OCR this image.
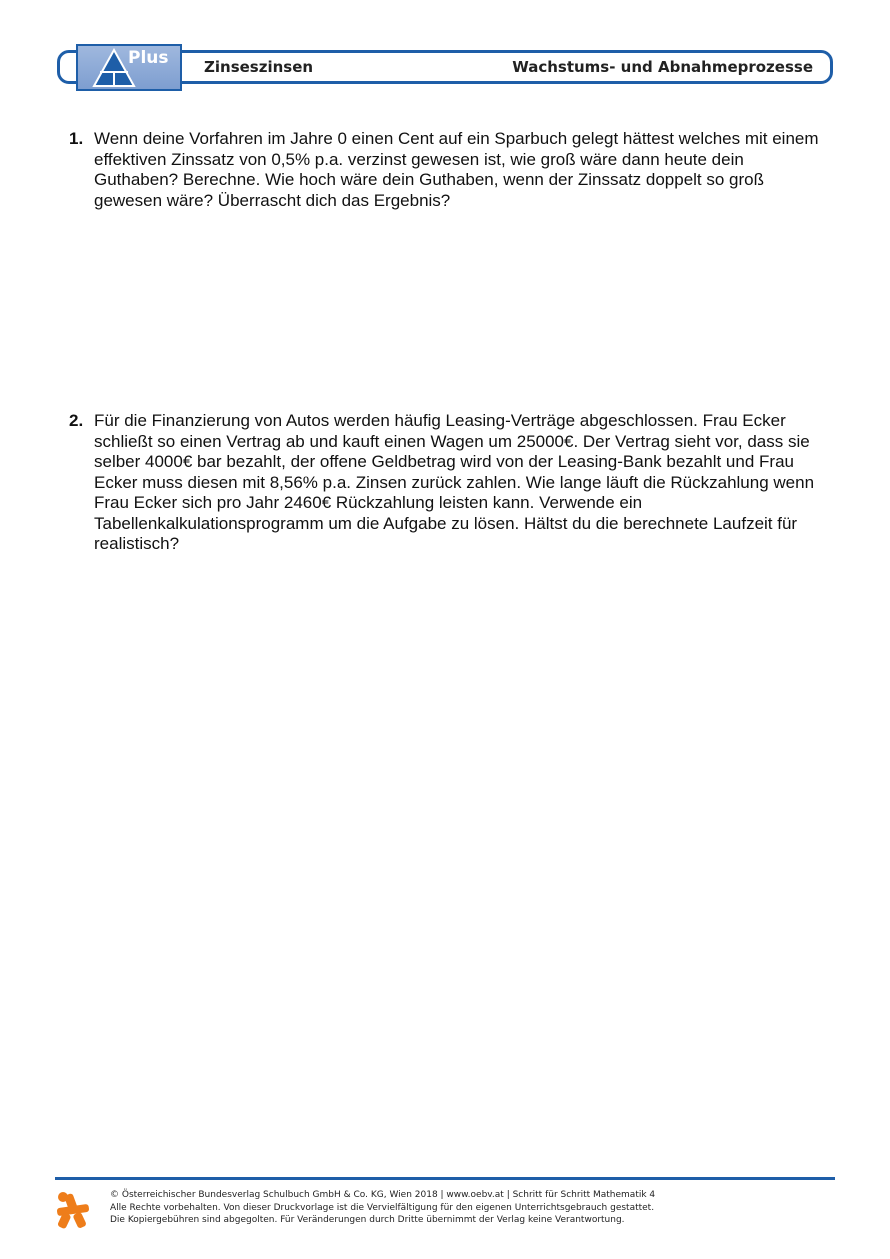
Plus Zinseszinsen	Wachstums- und Abnahmeprozesse
1. Wenn deine Vorfahren im Jahre 0 einen Cent auf ein Sparbuch gelegt hättest welches mit einem effektiven Zinssatz von 0,5% p.a. verzinst gewesen ist, wie groß wäre dann heute dein Guthaben? Berechne. Wie hoch wäre dein Guthaben, wenn der Zinssatz doppelt so groß gewesen wäre? Überrascht dich das Ergebnis?
2. Für die Finanzierung von Autos werden häufig Leasing-Verträge abgeschlossen. Frau Ecker schließt so einen Vertrag ab und kauft einen Wagen um 25000€. Der Vertrag sieht vor, dass sie selber 4000€ bar bezahlt, der offene Geldbetrag wird von der Leasing-Bank bezahlt und Frau Ecker muss diesen mit 8,56% p.a. Zinsen zurück zahlen. Wie lange läuft die Rückzahlung wenn Frau Ecker sich pro Jahr 2460€ Rückzahlung leisten kann. Verwende ein Tabellenkalkulationsprogramm um die Aufgabe zu lösen. Hältst du die berechnete Laufzeit für realistisch?
© Österreichischer Bundesverlag Schulbuch GmbH & Co. KG, Wien 2018 | www.oebv.at | Schritt für Schritt Mathematik 4
Alle Rechte vorbehalten. Von dieser Druckvorlage ist die Vervielfältigung für den eigenen Unterrichtsgebrauch gestattet.
Die Kopiergebühren sind abgegolten. Für Veränderungen durch Dritte übernimmt der Verlag keine Verantwortung.
